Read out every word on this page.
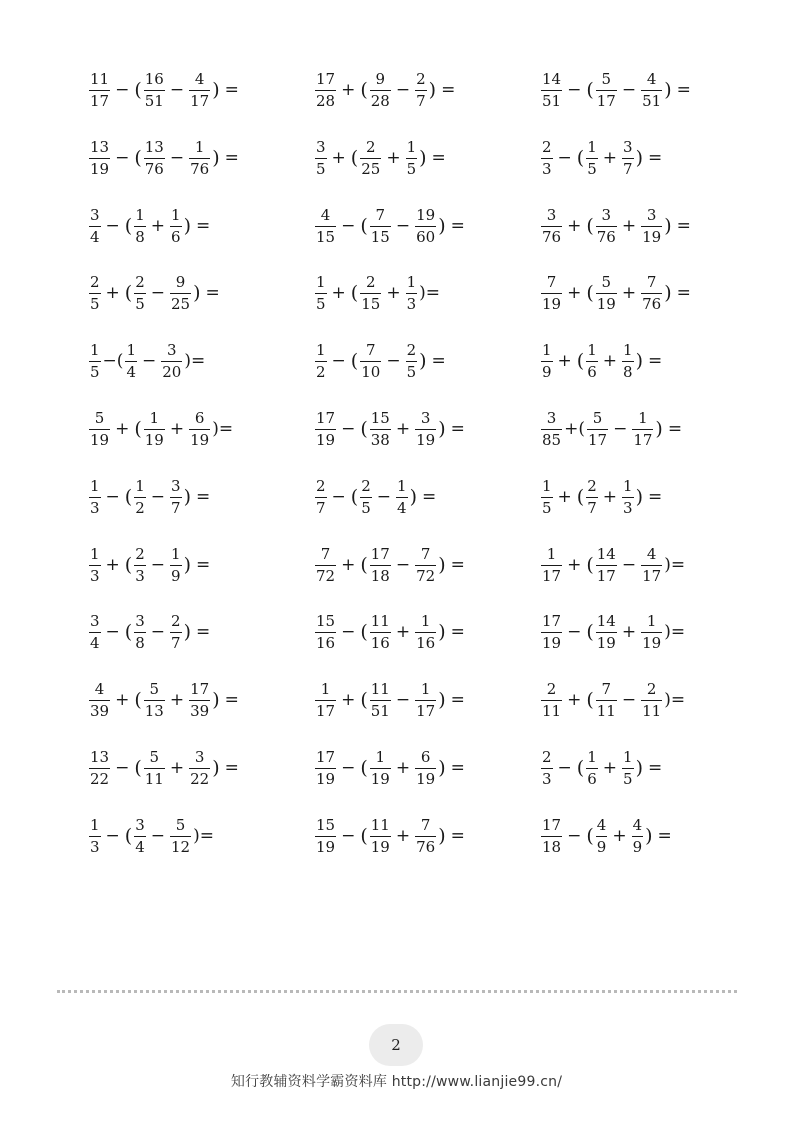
$\frac{11}{17}$ − ( $\frac{16}{51} - \frac{4}{17}$ ) =	$\frac{17}{28}$ + ( $\frac{9}{28} - \frac{2}{7}$ ) =	$\frac{14}{51}$ − ( $\frac{5}{17} - \frac{4}{51}$ ) =
$\frac{13}{19}$ − ( $\frac{13}{76} - \frac{1}{76}$ ) =	$\frac{3}{5}$ + ( $\frac{2}{25} + \frac{1}{5}$ ) =	$\frac{2}{3}$ − ( $\frac{1}{5} + \frac{3}{7}$ ) =
$\frac{3}{4}$ − ( $\frac{1}{8} + \frac{1}{6}$ ) =	$\frac{4}{15}$ − ( $\frac{7}{15} - \frac{19}{60}$ ) =	$\frac{3}{76}$ + ( $\frac{3}{76} + \frac{3}{19}$ ) =
$\frac{2}{5}$ + ( $\frac{2}{5} - \frac{9}{25}$ ) =	$\frac{1}{5}$ + ( $\frac{2}{15} + \frac{1}{3}$ )=	$\frac{7}{19}$ + ( $\frac{5}{19} + \frac{7}{76}$ ) =
$\frac{1}{5}$ −( $\frac{1}{4} - \frac{3}{20}$ )=	$\frac{1}{2}$ − ( $\frac{7}{10} - \frac{2}{5}$ ) =	$\frac{1}{9}$ + ( $\frac{1}{6} + \frac{1}{8}$ ) =
$\frac{5}{19}$ + ( $\frac{1}{19} + \frac{6}{19}$ )=	$\frac{17}{19}$ − ( $\frac{15}{38} + \frac{3}{19}$ ) =	$\frac{3}{85}$ +( $\frac{5}{17} - \frac{1}{17}$ ) =
$\frac{1}{3}$ − ( $\frac{1}{2} - \frac{3}{7}$ ) =	$\frac{2}{7}$ − ( $\frac{2}{5} - \frac{1}{4}$ ) =	$\frac{1}{5}$ + ( $\frac{2}{7} + \frac{1}{3}$ ) =
$\frac{1}{3}$ + ( $\frac{2}{3} - \frac{1}{9}$ ) =	$\frac{7}{72}$ + ( $\frac{17}{18} - \frac{7}{72}$ ) =	$\frac{1}{17}$ + ( $\frac{14}{17} - \frac{4}{17}$ )=
$\frac{3}{4}$ − ( $\frac{3}{8} - \frac{2}{7}$ ) =	$\frac{15}{16}$ − ( $\frac{11}{16} + \frac{1}{16}$ ) =	$\frac{17}{19}$ − ( $\frac{14}{19} + \frac{1}{19}$ )=
$\frac{4}{39}$ + ( $\frac{5}{13} + \frac{17}{39}$ ) =	$\frac{1}{17}$ + ( $\frac{11}{51} - \frac{1}{17}$ ) =	$\frac{2}{11}$ + ( $\frac{7}{11} - \frac{2}{11}$ )=
$\frac{13}{22}$ − ( $\frac{5}{11} + \frac{3}{22}$ ) =	$\frac{17}{19}$ − ( $\frac{1}{19} + \frac{6}{19}$ ) =	$\frac{2}{3}$ − ( $\frac{1}{6} + \frac{1}{5}$ ) =
$\frac{1}{3}$ − ( $\frac{3}{4} - \frac{5}{12}$ )=	$\frac{15}{19}$ − ( $\frac{11}{19} + \frac{7}{76}$ ) =	$\frac{17}{18}$ − ( $\frac{4}{9} + \frac{4}{9}$ ) =
2
知行教辅资料学霸资料库 http://www.lianjie99.cn/
